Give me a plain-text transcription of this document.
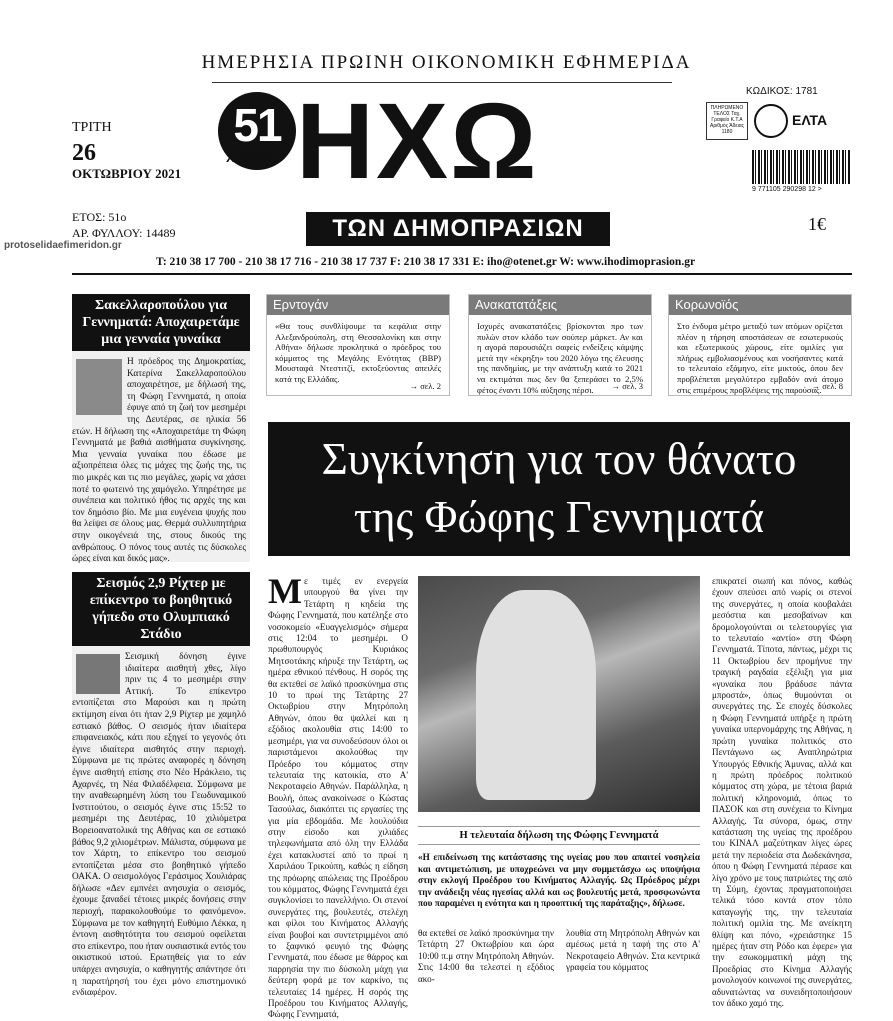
ΗΜΕΡΗΣΙΑ ΠΡΩΙΝΗ ΟΙΚΟΝΟΜΙΚΗ ΕΦΗΜΕΡΙΔΑ
51
ΧΡΟΝΙΑ ΗΧΩ
ΤΩΝ ΔΗΜΟΠΡΑΣΙΩΝ
ΤΡΙΤΗ
26
ΟΚΤΩΒΡΙΟΥ 2021
ΕΤΟΣ: 51ο
ΑΡ. ΦΥΛΛΟΥ: 14489
protoselidaefimeridon.gr
ΚΩΔΙΚΟΣ: 1781
ΠΛΗΡΩΜΕΝΟ ΤΕΛΟΣ Ταχ. Γραφείο Κ.Τ.Α Αριθμός Άδειας 1180
ΕΛΤΑ
9 771105 290298 12 >
1€
T: 210 38 17 700 - 210 38 17 716 - 210 38 17 737 F: 210 38 17 331 E: iho@otenet.gr W: www.ihodimoprasion.gr
Σακελλαροπούλου για Γεννηματά: Αποχαιρετάμε μια γενναία γυναίκα
Η πρόεδρος της Δημοκρατίας, Κατερίνα Σακελλαροπούλου αποχαιρέτησε, με δήλωσή της, τη Φώφη Γεννηματά, η οποία έφυγε από τη ζωή τον μεσημέρι της Δευτέρας, σε ηλικία 56 ετών. Η δήλωση της «Αποχαιρετάμε τη Φώφη Γεννηματά με βαθιά αισθήματα συγκίνησης. Μια γενναία γυναίκα που έδωσε με αξιοπρέπεια όλες τις μάχες της ζωής της, τις πιο μικρές και τις πιο μεγάλες, χωρίς να χάσει ποτέ το φωτεινό της χαμόγελο. Υπηρέτησε με συνέπεια και πολιτικό ήθος τις αρχές της και τον δημόσιο βίο. Με μια ευγένεια ψυχής που θα λείψει σε όλους μας. Θερμά συλλυπητήρια στην οικογένειά της, στους δικούς της ανθρώπους. Ο πόνος τους αυτές τις δύσκολες ώρες είναι και δικός μας».
Σεισμός 2,9 Ρίχτερ με επίκεντρο το βοηθητικό γήπεδο στο Ολυμπιακό Στάδιο
Σεισμική δόνηση έγινε ιδιαίτερα αισθητή χθες, λίγο πριν τις 4 το μεσημέρι στην Αττική. Το επίκεντρο εντοπίζεται στο Μαρούσι και η πρώτη εκτίμηση είναι ότι ήταν 2,9 Ρίχτερ με χαμηλό εστιακό βάθος. Ο σεισμός ήταν ιδιαίτερα επιφανειακός, κάτι που εξηγεί το γεγονός ότι έγινε ιδιαίτερα αισθητός στην περιοχή. Σύμφωνα με τις πρώτες αναφορές η δόνηση έγινε αισθητή επίσης στο Νέο Ηράκλειο, τις Αχαρνές, τη Νέα Φιλαδέλφεια. Σύμφωνα με την αναθεωρημένη λύση του Γεωδυναμικού Ινστιτούτου, ο σεισμός έγινε στις 15:52 το μεσημέρι της Δευτέρας, 10 χιλιόμετρα Βορειοανατολικά της Αθήνας και σε εστιακό βάθος 9,2 χιλιομέτρων. Μάλιστα, σύμφωνα με τον Χάρτη, το επίκεντρο του σεισμού εντοπίζεται μέσα στο βοηθητικό γήπεδο ΟΑΚΑ. Ο σεισμολόγος Γεράσιμος Χουλιάρας δήλωσε «Δεν εμπνέει ανησυχία ο σεισμός, έχουμε ξαναδεί τέτοιες μικρές δονήσεις στην περιοχή, παρακολουθούμε το φαινόμενο». Σύμφωνα με τον καθηγητή Ευθύμιο Λέκκα, η έντονη αισθητότητα του σεισμού οφείλεται στο επίκεντρο, που ήταν ουσιαστικά εντός του οικιστικού ιστού. Ερωτηθείς για το εάν υπάρχει ανησυχία, ο καθηγητής απάντησε ότι η παρατήρησή του έχει μόνο επιστημονικό ενδιαφέρον.
Ερντογάν
«Θα τους συνθλίψουμε τα κεφάλια στην Αλεξανδρούπολη, στη Θεσσαλονίκη και στην Αθήνα» δήλωσε προκλητικά ο πρόεδρος του κόμματος της Μεγάλης Ενότητας (BBP) Μουσταφά Ντεστιτζί, εκτοξεύοντας απειλές κατά της Ελλάδας.
→ σελ. 2
Ανακατατάξεις
Ισχυρές ανακατατάξεις βρίσκονται προ των πυλών στον κλάδο των σούπερ μάρκετ. Αν και η αγορά παρουσιάζει σαφείς ενδείξεις κάμψης μετά την «έκρηξη» του 2020 λόγω της έλευσης της πανδημίας, με την ανάπτυξη κατά το 2021 να εκτιμάται πως δεν θα ξεπεράσει το 2,5% φέτος έναντι 10% αύξησης πέρσι.	→ σελ. 3
Κορωνοϊός
Στο ένδυμα μέτρο μεταξύ των ατόμων ορίζεται πλέον η τήρηση αποστάσεων σε εσωτερικούς και εξωτερικούς χώρους, είτε ομιλίες για πλήρως εμβολιασμένους και νοσήσαντες κατά το τελευταίο εξάμηνο, είτε μικτούς, όπου δεν προβλέπεται μεγαλύτερο εμβαδόν ανά άτομο στις επιμέρους προβλέψεις της παρούσας.
→ σελ. 8
Συγκίνηση για τον θάνατο
της Φώφης Γεννηματά
Με τιμές εν ενεργεία υπουργού θα γίνει την Τετάρτη η κηδεία της Φώφης Γεννηματά, που κατέληξε στο νοσοκομείο «Ευαγγελισμός» σήμερα στις 12:04 το μεσημέρι. Ο πρωθυπουργός Κυριάκος Μητσοτάκης κήρυξε την Τετάρτη, ως ημέρα εθνικού πένθους. Η σορός της θα εκτεθεί σε λαϊκό προσκύνημα στις 10 το πρωί της Τετάρτης 27 Οκτωβρίου στην Μητρόπολη Αθηνών, όπου θα ψαλλεί και η εξόδιος ακολουθία στις 14:00 το μεσημέρι, για να συνοδεύσουν όλοι οι παριστάμενοι ακολούθως την Πρόεδρο του κόμματος στην τελευταία της κατοικία, στο Α' Νεκροταφείο Αθηνών. Παράλληλα, η Βουλή, όπως ανακοίνωσε ο Κώστας Τασούλας, διακόπτει τις εργασίες της για μία εβδομάδα. Με λουλούδια στην είσοδο και χιλιάδες τηλεφωνήματα από όλη την Ελλάδα έχει κατακλυστεί από το πρωί η Χαριλάου Τρικούπη, καθώς η είδηση της πρόωρης απώλειας της Προέδρου του κόμματος, Φώφης Γεννηματά έχει συγκλονίσει το πανελλήνιο. Οι στενοί συνεργάτες της, βουλευτές, στελέχη και φίλοι του Κινήματος Αλλαγής είναι βουβοί και συντετριμμένοι από το ξαφνικό φευγιό της Φώφης Γεννηματά, που έδωσε με θάρρος και παρρησία την πιο δύσκολη μάχη για δεύτερη φορά με τον καρκίνο, τις τελευταίες 14 ημέρες. Η σορός της Προέδρου του Κινήματος Αλλαγής, Φώφης Γεννηματά,
Η τελευταία δήλωση της Φώφης Γεννηματά
«Η επιδείνωση της κατάστασης της υγείας μου που απαιτεί νοσηλεία και αντιμετώπιση, με υποχρεώνει να μην συμμετάσχω ως υποψήφια στην εκλογή Προέδρου του Κινήματος Αλλαγής. Ως Πρόεδρος μέχρι την ανάδειξη νέας ηγεσίας αλλά και ως βουλευτής μετά, προσφωνώντα που παραμένει η ενότητα και η προοπτική της παράταξης», δήλωσε.
θα εκτεθεί σε λαϊκό προσκύνημα την Τετάρτη 27 Οκτωβρίου και ώρα 10:00 π.μ στην Μητρόπολη Αθηνών. Στις 14:00 θα τελεστεί η εξόδιος ακο-
λουθία στη Μητρόπολη Αθηνών και αμέσως μετά η ταφή της στο Α' Νεκροταφείο Αθηνών. Στα κεντρικά γραφεία του κόμματος
επικρατεί σιωπή και πόνος, καθώς έχουν σπεύσει από νωρίς οι στενοί της συνεργάτες, η οποία κουβαλάει μεσόστια και μεσοβαίνων και δρομολογούνται οι τελετουργίες για το τελευταίο «αντίο» στη Φώφη Γεννηματά. Τίποτα, πάντως, μέχρι τις 11 Οκτωβρίου δεν προμήνυε την τραγική ραγδαία εξέλιξη για μια «γυναίκα που βράδυσε πάντα μπροστά», όπως θυμούνται οι συνεργάτες της. Σε εποχές δύσκολες η Φώφη Γεννηματά υπήρξε η πρώτη γυναίκα υπερνομάρχης της Αθήνας, η πρώτη γυναίκα πολιτικός στο Πεντάγωνο ως Αναπληρώτρια Υπουργός Εθνικής Άμυνας, αλλά και η πρώτη πρόεδρος πολιτικού κόμματος στη χώρα, με τέτοια βαριά πολιτική κληρονομιά, όπως το ΠΑΣΟΚ και στη συνέχεια το Κίνημα Αλλαγής. Τα σύνορα, όμως, στην κατάσταση της υγείας της προέδρου του ΚΙΝΑΛ μαζεύτηκαν λίγες ώρες μετά την περιοδεία στα Δωδεκάνησα, όπου η Φώφη Γεννηματά πέρασε και λίγο χρόνο με τους πατριώτες της από τη Σύμη, έχοντας πραγματοποιήσει τελικά τόσο κοντά στον τόπο καταγωγής της, την τελευταία πολιτική ομιλία της. Με ανείκητη θλίψη και πόνο, «χρειάστηκε 15 ημέρες ήταν στη Ρόδο και έφερε» για την εσωκομματική μάχη της Προεδρίας στο Κίνημα Αλλαγής μονολογούν κοινωνοί της συνεργάτες, αδυνατώντας να συνειδητοποιήσουν τον άδικο χαμό της.
